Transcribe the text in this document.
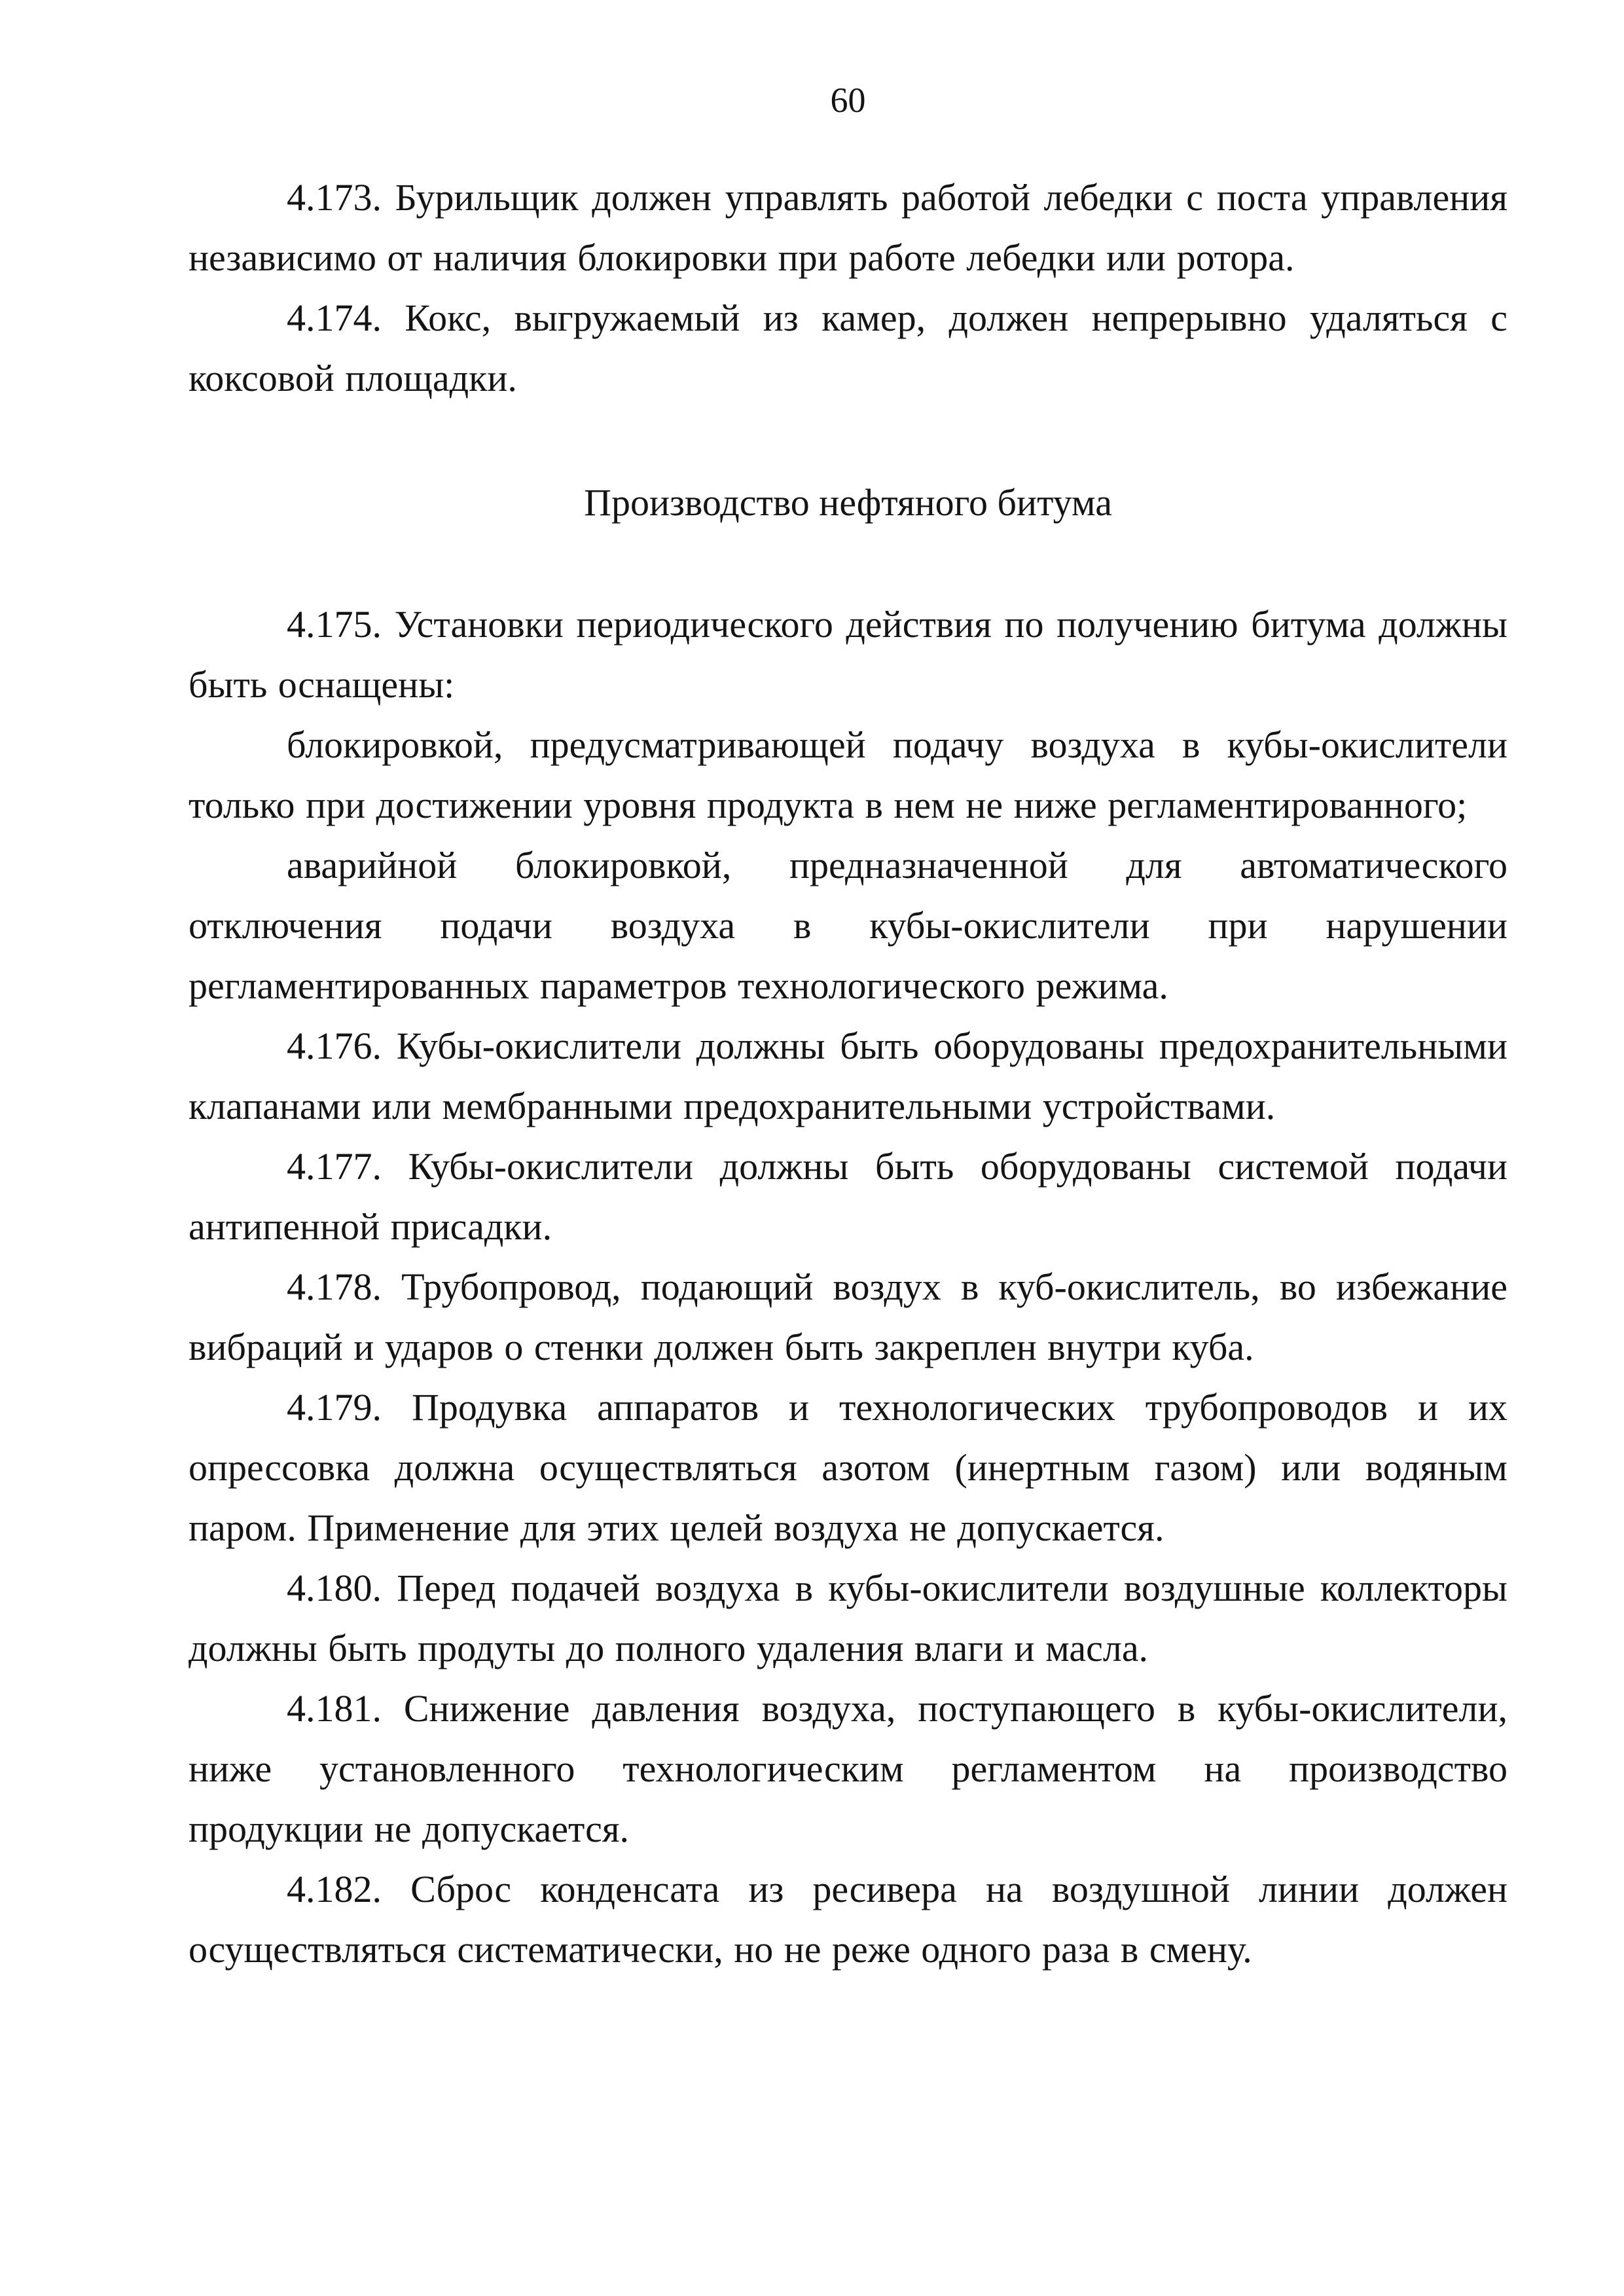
60

4.173. Бурильщик должен управлять работой лебедки с поста управления независимо от наличия блокировки при работе лебедки или ротора.

4.174. Кокс, выгружаемый из камер, должен непрерывно удаляться с коксовой площадки.

Производство нефтяного битума

4.175. Установки периодического действия по получению битума должны быть оснащены:

блокировкой, предусматривающей подачу воздуха в кубы-окислители только при достижении уровня продукта в нем не ниже регламентированного;

аварийной блокировкой, предназначенной для автоматического отключения подачи воздуха в кубы-окислители при нарушении регламентированных параметров технологического режима.

4.176. Кубы-окислители должны быть оборудованы предохранительными клапанами или мембранными предохранительными устройствами.

4.177. Кубы-окислители должны быть оборудованы системой подачи антипенной присадки.

4.178. Трубопровод, подающий воздух в куб-окислитель, во избежание вибраций и ударов о стенки должен быть закреплен внутри куба.

4.179. Продувка аппаратов и технологических трубопроводов и их опрессовка должна осуществляться азотом (инертным газом) или водяным паром. Применение для этих целей воздуха не допускается.

4.180. Перед подачей воздуха в кубы-окислители воздушные коллекторы должны быть продуты до полного удаления влаги и масла.

4.181. Снижение давления воздуха, поступающего в кубы-окислители, ниже установленного технологическим регламентом на производство продукции не допускается.

4.182. Сброс конденсата из ресивера на воздушной линии должен осуществляться систематически, но не реже одного раза в смену.
